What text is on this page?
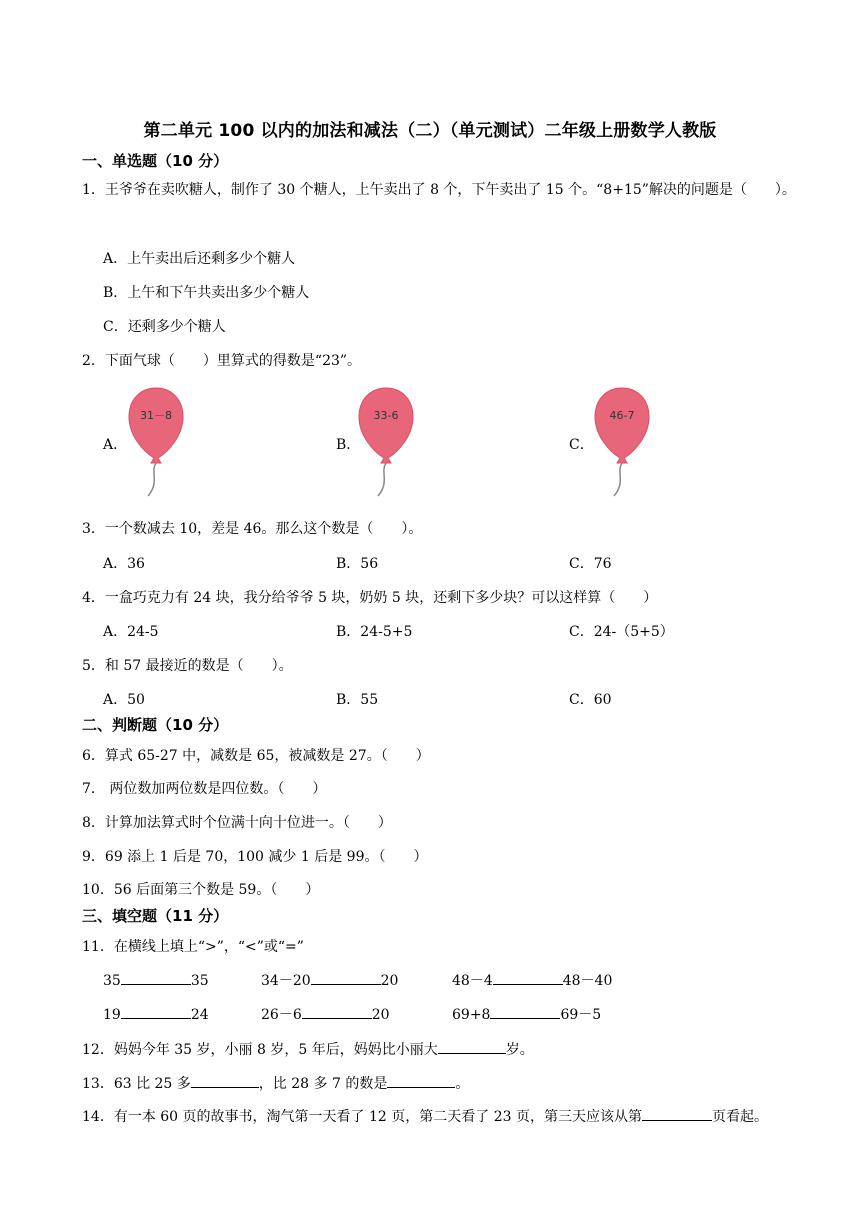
第二单元 100 以内的加法和减法（二）（单元测试）二年级上册数学人教版
一、单选题（10 分）
1．王爷爷在卖吹糖人，制作了 30 个糖人，上午卖出了 8 个，下午卖出了 15 个。“8+15”解决的问题是（　　）。
A．上午卖出后还剩多少个糖人
B．上午和下午共卖出多少个糖人
C．还剩多少个糖人
2．下面气球（　　）里算式的得数是“23”。
A．
31－8
B．
33-6
C．
46-7
3．一个数减去 10，差是 46。那么这个数是（　　）。
A．36	B．56	C．76
4．一盒巧克力有 24 块，我分给爷爷 5 块，奶奶 5 块，还剩下多少块？可以这样算（　　）
A．24-5	B．24-5+5	C．24-（5+5）
5．和 57 最接近的数是（　　）。
A．50	B．55	C．60
二、判断题（10 分）
6．算式 65-27 中，减数是 65，被减数是 27。（　　）
7． 两位数加两位数是四位数。（　　）
8．计算加法算式时个位满十向十位进一。（　　）
9．69 添上 1 后是 70，100 减少 1 后是 99。（　　）
10．56 后面第三个数是 59。（　　）
三、填空题（11 分）
11．在横线上填上“>”，“<”或“=”
35	35	34－20	20	48－4	48－40
19	24	26－6	20	69+8	69－5
12．妈妈今年 35 岁，小丽 8 岁，5 年后，妈妈比小丽大	岁。
13．63 比 25 多	，比 28 多 7 的数是	。
14．有一本 60 页的故事书，淘气第一天看了 12 页，第二天看了 23 页，第三天应该从第	页看起。
